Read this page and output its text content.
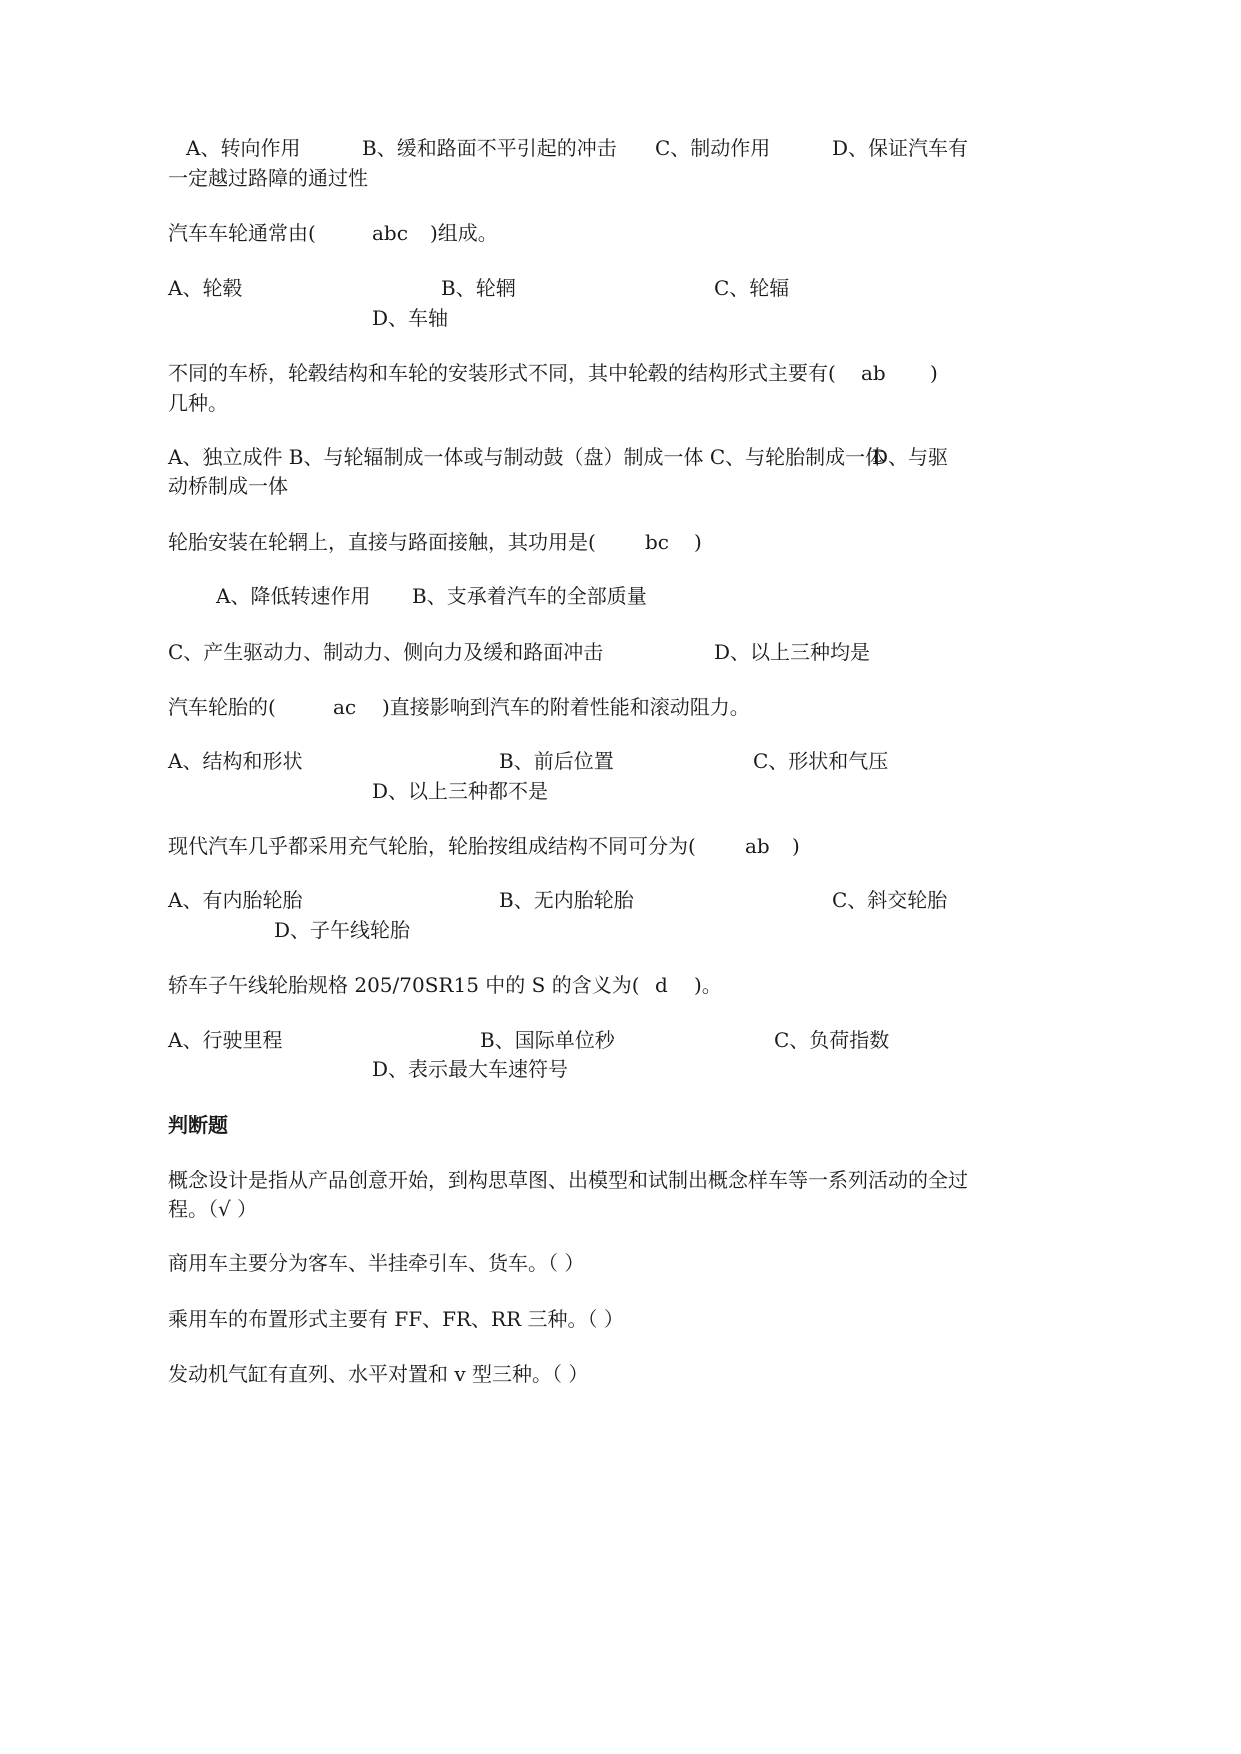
A、转向作用	B、缓和路面不平引起的冲击 C、制动作用	D、保证汽车有
一定越过路障的通过性
汽车车轮通常由(	abc )组成。
A、轮毂	B、轮辋	C、轮辐
D、车轴
不同的车桥，轮毂结构和车轮的安装形式不同，其中轮毂的结构形式主要有( ab )
几种。
A、独立成件 B、与轮辐制成一体或与制动鼓（盘）制成一体 C、与轮胎制成一体
D、与驱
动桥制成一体
轮胎安装在轮辋上，直接与路面接触，其功用是( bc )
A、降低转速作用 B、支承着汽车的全部质量
C、产生驱动力、制动力、侧向力及缓和路面冲击	D、以上三种均是
汽车轮胎的(	ac )直接影响到汽车的附着性能和滚动阻力。
A、结构和形状	B、前后位置	C、形状和气压
D、以上三种都不是
现代汽车几乎都采用充气轮胎，轮胎按组成结构不同可分为( ab )
A、有内胎轮胎	B、无内胎轮胎	C、斜交轮胎
D、子午线轮胎
轿车子午线轮胎规格 205/70SR15 中的 S 的含义为( d )。
A、行驶里程	B、国际单位秒	C、负荷指数
D、表示最大车速符号
判断题
概念设计是指从产品创意开始，到构思草图、出模型和试制出概念样车等一系列活动的全过
程。（√ ）
商用车主要分为客车、半挂牵引车、货车。（ ）
乘用车的布置形式主要有 FF、FR、RR 三种。（ ）
发动机气缸有直列、水平对置和 v 型三种。（ ）
